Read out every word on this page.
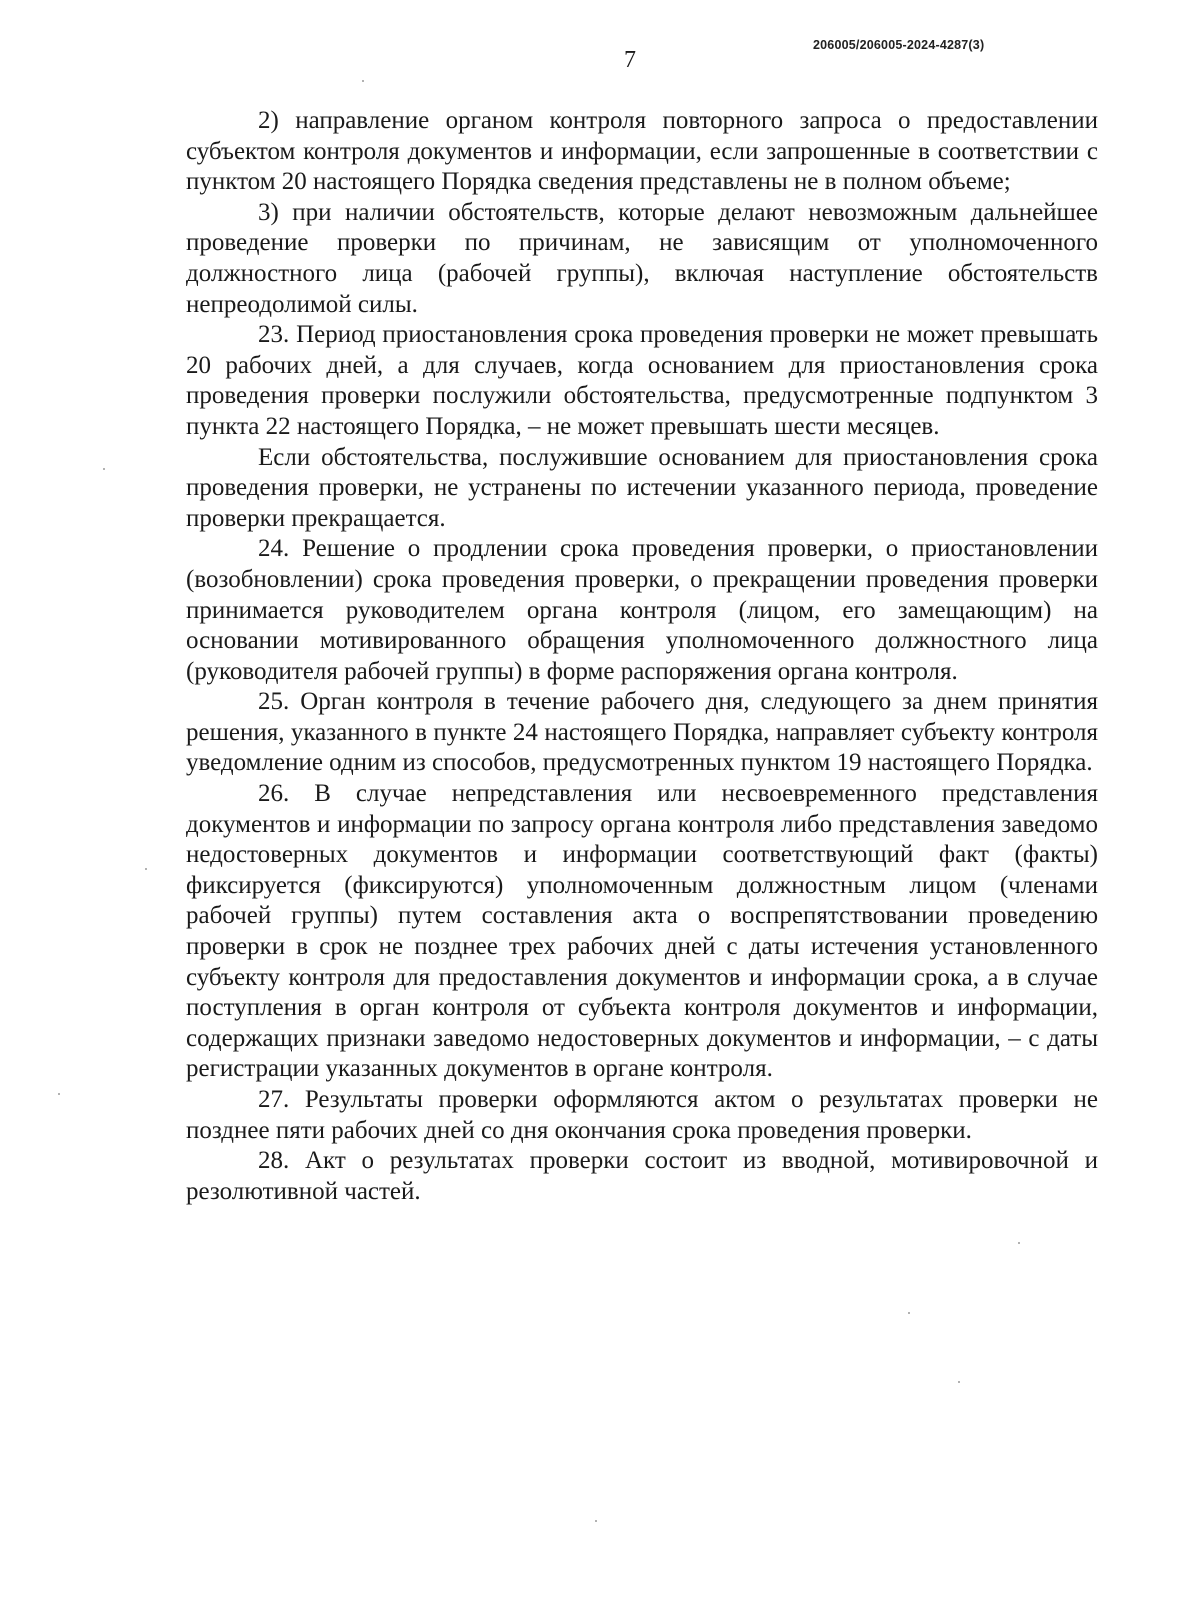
7
206005/206005-2024-4287(3)

2) направление органом контроля повторного запроса о предоставлении субъектом контроля документов и информации, если запрошенные в соответствии с пунктом 20 настоящего Порядка сведения представлены не в полном объеме;

3) при наличии обстоятельств, которые делают невозможным дальнейшее проведение проверки по причинам, не зависящим от уполномоченного должностного лица (рабочей группы), включая наступление обстоятельств непреодолимой силы.

23. Период приостановления срока проведения проверки не может превышать 20 рабочих дней, а для случаев, когда основанием для приостановления срока проведения проверки послужили обстоятельства, предусмотренные подпунктом 3 пункта 22 настоящего Порядка, – не может превышать шести месяцев.

Если обстоятельства, послужившие основанием для приостановления срока проведения проверки, не устранены по истечении указанного периода, проведение проверки прекращается.

24. Решение о продлении срока проведения проверки, о приостановлении (возобновлении) срока проведения проверки, о прекращении проведения проверки принимается руководителем органа контроля (лицом, его замещающим) на основании мотивированного обращения уполномоченного должностного лица (руководителя рабочей группы) в форме распоряжения органа контроля.

25. Орган контроля в течение рабочего дня, следующего за днем принятия решения, указанного в пункте 24 настоящего Порядка, направляет субъекту контроля уведомление одним из способов, предусмотренных пунктом 19 настоящего Порядка.

26. В случае непредставления или несвоевременного представления документов и информации по запросу органа контроля либо представления заведомо недостоверных документов и информации соответствующий факт (факты) фиксируется (фиксируются) уполномоченным должностным лицом (членами рабочей группы) путем составления акта о воспрепятствовании проведению проверки в срок не позднее трех рабочих дней с даты истечения установленного субъекту контроля для предоставления документов и информации срока, а в случае поступления в орган контроля от субъекта контроля документов и информации, содержащих признаки заведомо недостоверных документов и информации, – с даты регистрации указанных документов в органе контроля.

27. Результаты проверки оформляются актом о результатах проверки не позднее пяти рабочих дней со дня окончания срока проведения проверки.

28. Акт о результатах проверки состоит из вводной, мотивировочной и резолютивной частей.
